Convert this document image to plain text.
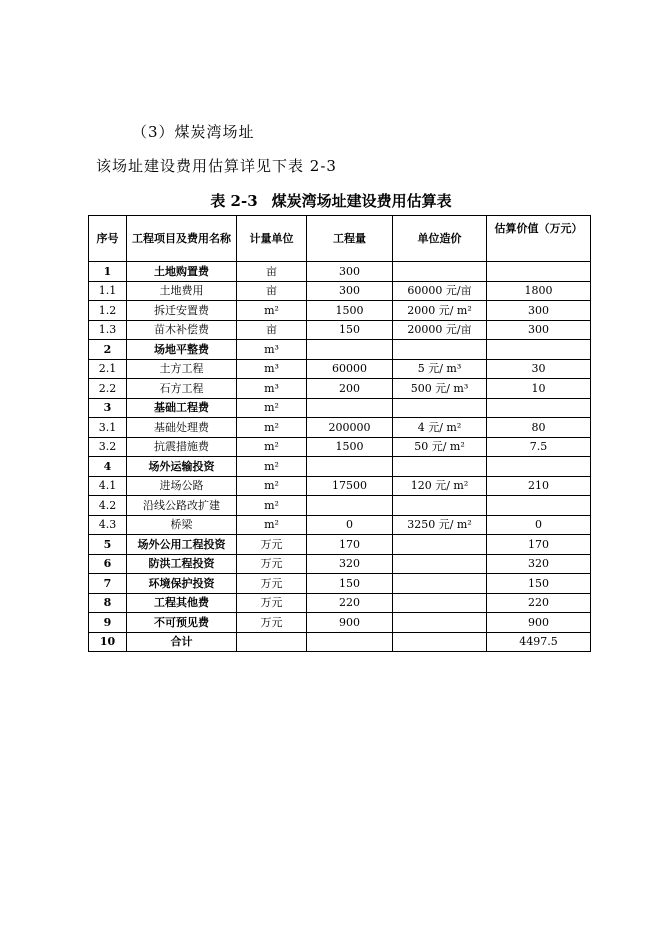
（3）煤炭湾场址
该场址建设费用估算详见下表 2-3
表 2-3 煤炭湾场址建设费用估算表
序号	工程项目及费用名称	计量单位	工程量	单位造价	估算价值（万元）
1	土地购置费	亩	300		
1.1	土地费用	亩	300	60000 元/亩	1800
1.2	拆迁安置费	m²	1500	2000 元/ m²	300
1.3	苗木补偿费	亩	150	20000 元/亩	300
2	场地平整费	m³			
2.1	土方工程	m³	60000	5 元/ m³	30
2.2	石方工程	m³	200	500 元/ m³	10
3	基础工程费	m²			
3.1	基础处理费	m²	200000	4 元/ m²	80
3.2	抗震措施费	m²	1500	50 元/ m²	7.5
4	场外运输投资	m²			
4.1	进场公路	m²	17500	120 元/ m²	210
4.2	沿线公路改扩建	m²			
4.3	桥梁	m²	0	3250 元/ m²	0
5	场外公用工程投资	万元	170		170
6	防洪工程投资	万元	320		320
7	环境保护投资	万元	150		150
8	工程其他费	万元	220		220
9	不可预见费	万元	900		900
10	合计				4497.5
